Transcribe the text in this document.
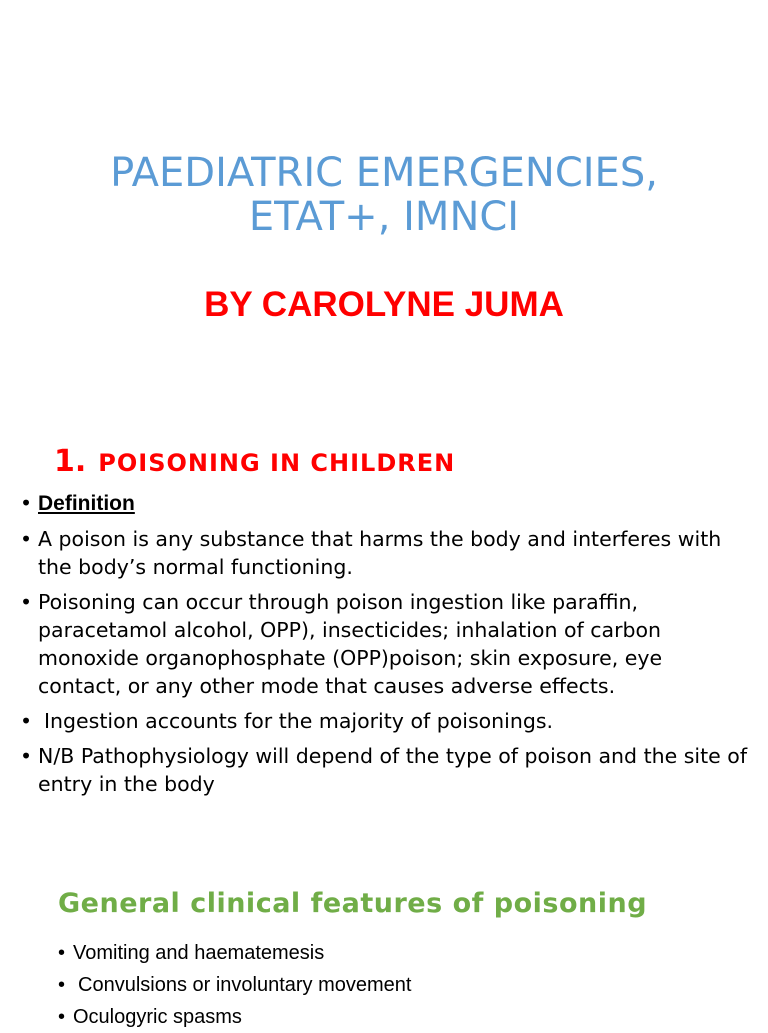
PAEDIATRIC EMERGENCIES,
ETAT+, IMNCI
BY CAROLYNE JUMA
1. POISONING IN CHILDREN
• Definition
• A poison is any substance that harms the body and interferes with the body’s normal functioning.
• Poisoning can occur through poison ingestion like paraffin, paracetamol alcohol, OPP), insecticides; inhalation of carbon monoxide organophosphate (OPP)poison; skin exposure, eye contact, or any other mode that causes adverse effects.
• Ingestion accounts for the majority of poisonings.
• N/B Pathophysiology will depend of the type of poison and the site of entry in the body
General clinical features of poisoning
• Vomiting and haematemesis
• Convulsions or involuntary movement
• Oculogyric spasms
